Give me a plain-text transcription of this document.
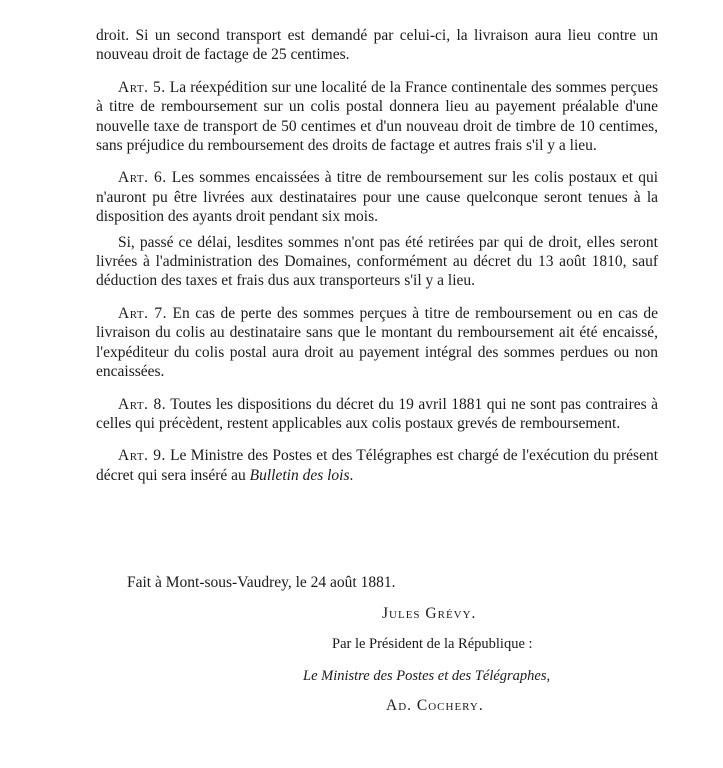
droit. Si un second transport est demandé par celui-ci, la livraison aura lieu contre un nouveau droit de factage de 25 centimes.

Art. 5. La réexpédition sur une localité de la France continentale des sommes perçues à titre de remboursement sur un colis postal donnera lieu au payement préalable d'une nouvelle taxe de transport de 50 centimes et d'un nouveau droit de timbre de 10 centimes, sans préjudice du remboursement des droits de factage et autres frais s'il y a lieu.

Art. 6. Les sommes encaissées à titre de remboursement sur les colis postaux et qui n'auront pu être livrées aux destinataires pour une cause quelconque seront tenues à la disposition des ayants droit pendant six mois.

Si, passé ce délai, lesdites sommes n'ont pas été retirées par qui de droit, elles seront livrées à l'administration des Domaines, conformément au décret du 13 août 1810, sauf déduction des taxes et frais dus aux transporteurs s'il y a lieu.

Art. 7. En cas de perte des sommes perçues à titre de remboursement ou en cas de livraison du colis au destinataire sans que le montant du remboursement ait été encaissé, l'expéditeur du colis postal aura droit au payement intégral des sommes perdues ou non encaissées.

Art. 8. Toutes les dispositions du décret du 19 avril 1881 qui ne sont pas contraires à celles qui précèdent, restent applicables aux colis postaux grevés de remboursement.

Art. 9. Le Ministre des Postes et des Télégraphes est chargé de l'exécution du présent décret qui sera inséré au Bulletin des lois.

Fait à Mont-sous-Vaudrey, le 24 août 1881.
Jules Grévy.
Par le Président de la République :
Le Ministre des Postes et des Télégraphes,
Ad. Cochery.
